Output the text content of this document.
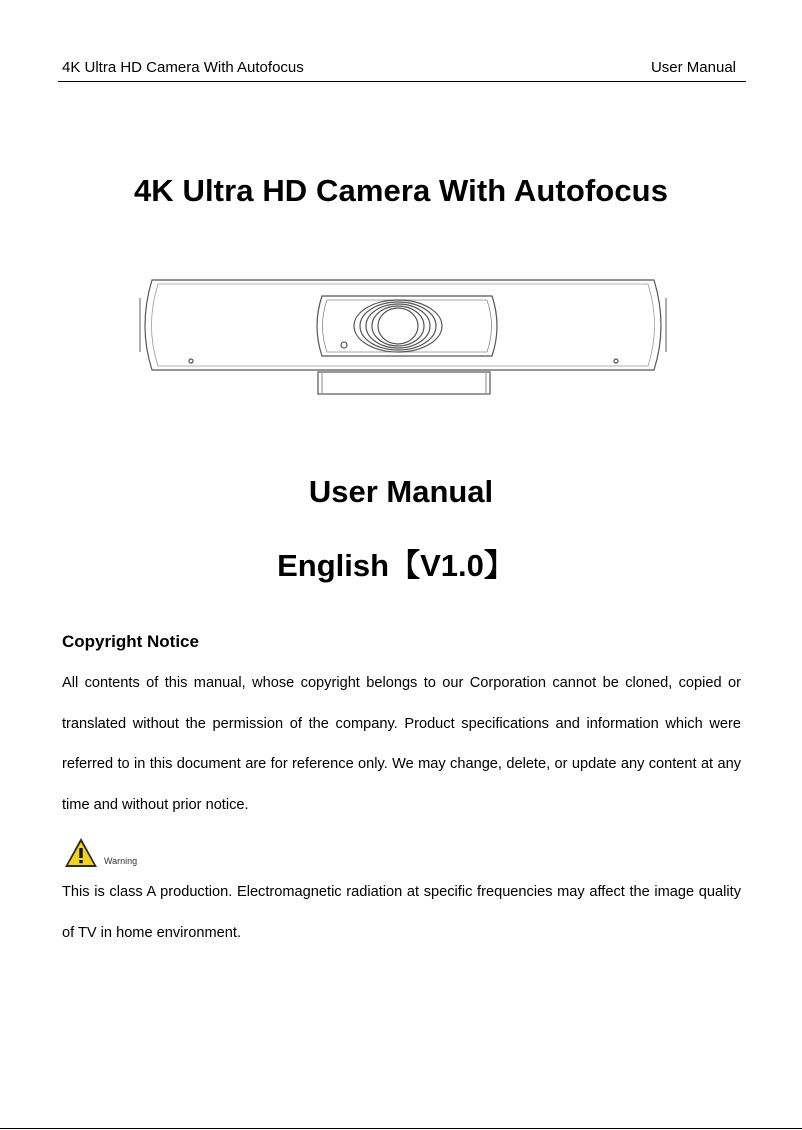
4K Ultra HD Camera With Autofocus	User Manual
4K Ultra HD Camera With Autofocus
User Manual
English【V1.0】
Copyright Notice
All contents of this manual, whose copyright belongs to our Corporation cannot be cloned, copied or translated without the permission of the company. Product specifications and information which were referred to in this document are for reference only. We may change, delete, or update any content at any time and without prior notice.
Warning
This is class A production. Electromagnetic radiation at specific frequencies may affect the image quality of TV in home environment.
